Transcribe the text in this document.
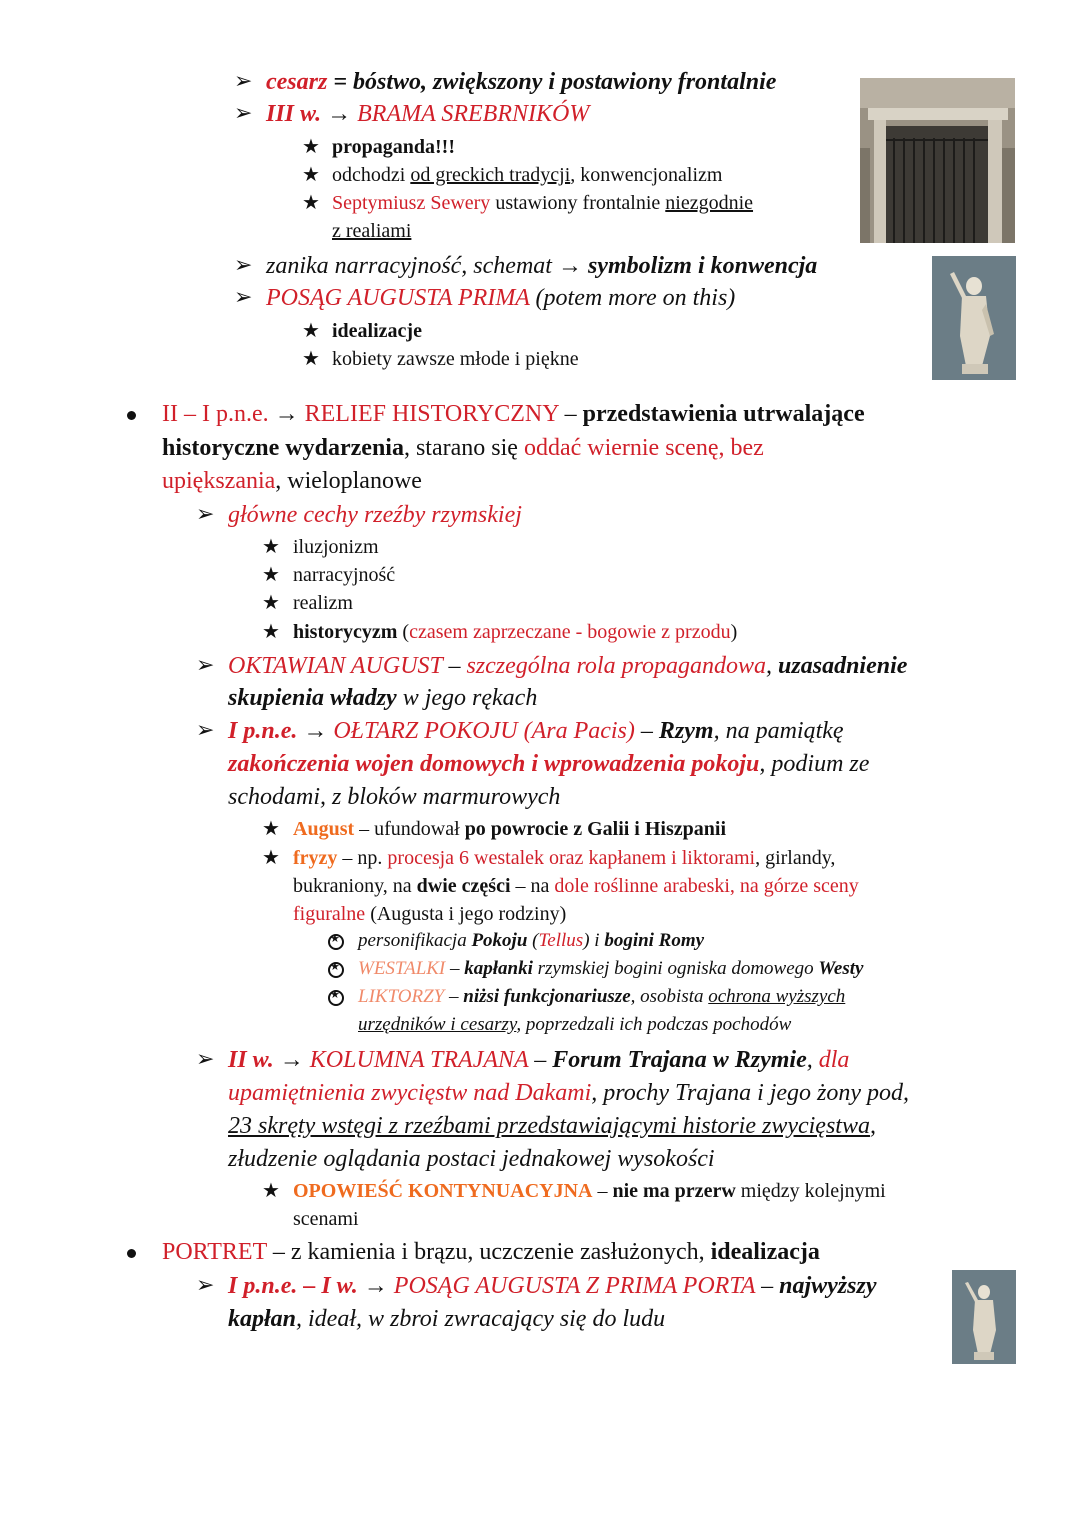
➢ cesarz = bóstwo, zwiększony i postawiony frontalnie
➢ III w. → BRAMA SREBRNIKÓW
★ propaganda!!!
★ odchodzi od greckich tradycji, konwencjonalizm
★ Septymiusz Sewery ustawiony frontalnie niezgodnie
z realiami
➢ zanika narracyjność, schemat → symbolizm i konwencja
➢ POSĄG AUGUSTA PRIMA (potem more on this)
★ idealizacje
★ kobiety zawsze młode i piękne
II – I p.n.e. → RELIEF HISTORYCZNY – przedstawienia utrwalające
historyczne wydarzenia, starano się oddać wiernie scenę, bez
upiększania, wieloplanowe
➢ główne cechy rzeźby rzymskiej
★ iluzjonizm
★ narracyjność
★ realizm
★ historycyzm (czasem zaprzeczane - bogowie z przodu)
➢ OKTAWIAN AUGUST – szczególna rola propagandowa, uzasadnienie
skupienia władzy w jego rękach
➢ I p.n.e. → OŁTARZ POKOJU (Ara Pacis) – Rzym, na pamiątkę
zakończenia wojen domowych i wprowadzenia pokoju, podium ze
schodami, z bloków marmurowych
★ August – ufundował po powrocie z Galii i Hiszpanii
★ fryzy – np. procesja 6 westalek oraz kapłanem i liktorami, girlandy,
bukraniony, na dwie części – na dole roślinne arabeski, na górze sceny
figuralne (Augusta i jego rodziny)
★
personifikacja Pokoju (Tellus) i bogini Romy
★
WESTALKI – kapłanki rzymskiej bogini ogniska domowego Westy
★
LIKTORZY – niżsi funkcjonariusze, osobista ochrona wyższych
urzędników i cesarzy, poprzedzali ich podczas pochodów
➢ II w. → KOLUMNA TRAJANA – Forum Trajana w Rzymie, dla
upamiętnienia zwycięstw nad Dakami, prochy Trajana i jego żony pod,
23 skręty wstęgi z rzeźbami przedstawiającymi historie zwycięstwa,
złudzenie oglądania postaci jednakowej wysokości
★ OPOWIEŚĆ KONTYNUACYJNA – nie ma przerw między kolejnymi
scenami
PORTRET – z kamienia i brązu, uczczenie zasłużonych, idealizacja
➢ I p.n.e. – I w. → POSĄG AUGUSTA Z PRIMA PORTA – najwyższy
kapłan, ideał, w zbroi zwracający się do ludu
